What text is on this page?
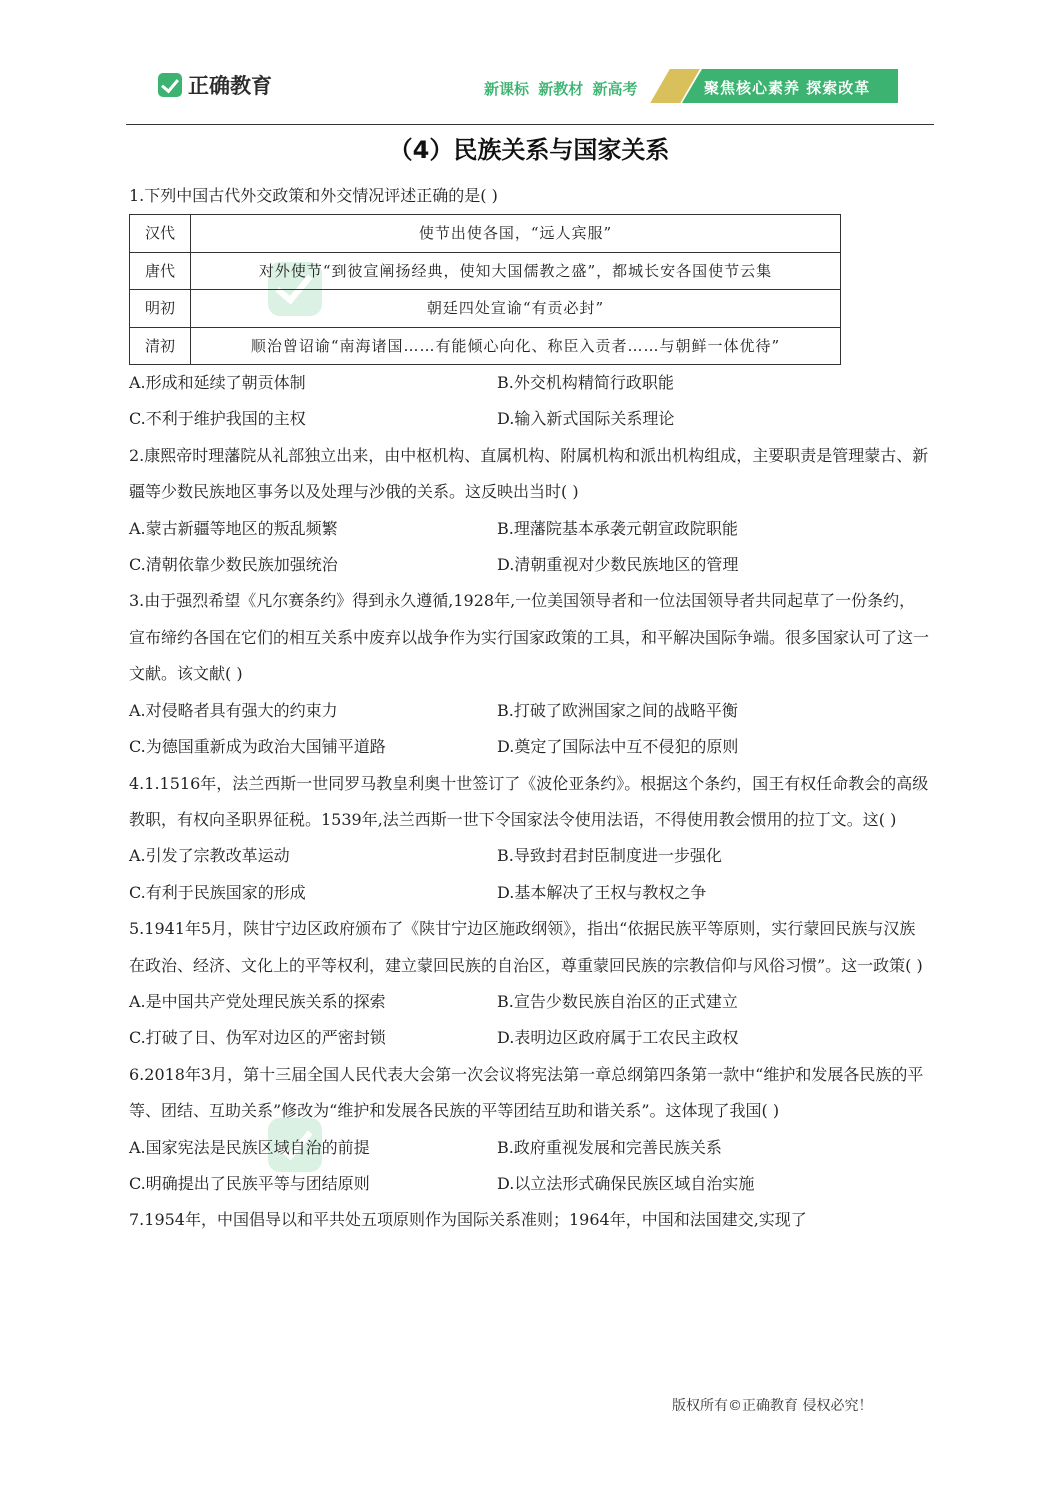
正确教育	新课标 新教材 新高考	聚焦核心素养 探索改革
（4）民族关系与国家关系

1.下列中国古代外交政策和外交情况评述正确的是( )

汉代	使节出使各国，“远人宾服”
唐代	对外使节“到彼宣阐扬经典，使知大国儒教之盛”，都城长安各国使节云集
明初	朝廷四处宣谕“有贡必封”
清初	顺治曾诏谕“南海诸国……有能倾心向化、称臣入贡者……与朝鲜一体优待”
A.形成和延续了朝贡体制	B.外交机构精简行政职能
C.不利于维护我国的主权	D.输入新式国际关系理论

2.康熙帝时理藩院从礼部独立出来，由中枢机构、直属机构、附属机构和派出机构组成，主要职责是管理蒙古、新疆等少数民族地区事务以及处理与沙俄的关系。这反映出当时( )

A.蒙古新疆等地区的叛乱频繁	B.理藩院基本承袭元朝宣政院职能
C.清朝依靠少数民族加强统治	D.清朝重视对少数民族地区的管理

3.由于强烈希望《凡尔赛条约》得到永久遵循,1928年,一位美国领导者和一位法国领导者共同起草了一份条约，宣布缔约各国在它们的相互关系中废弃以战争作为实行国家政策的工具，和平解决国际争端。很多国家认可了这一文献。该文献( )

A.对侵略者具有强大的约束力	B.打破了欧洲国家之间的战略平衡
C.为德国重新成为政治大国铺平道路	D.奠定了国际法中互不侵犯的原则

4.1.1516年，法兰西斯一世同罗马教皇利奥十世签订了《波伦亚条约》。根据这个条约，国王有权任命教会的高级教职，有权向圣职界征税。1539年,法兰西斯一世下令国家法令使用法语，不得使用教会惯用的拉丁文。这( )

A.引发了宗教改革运动	B.导致封君封臣制度进一步强化
C.有利于民族国家的形成	D.基本解决了王权与教权之争

5.1941年5月，陕甘宁边区政府颁布了《陕甘宁边区施政纲领》，指出“依据民族平等原则，实行蒙回民族与汉族在政治、经济、文化上的平等权利，建立蒙回民族的自治区，尊重蒙回民族的宗教信仰与风俗习惯”。这一政策( )

A.是中国共产党处理民族关系的探索	B.宣告少数民族自治区的正式建立
C.打破了日、伪军对边区的严密封锁	D.表明边区政府属于工农民主政权

6.2018年3月，第十三届全国人民代表大会第一次会议将宪法第一章总纲第四条第一款中“维护和发展各民族的平等、团结、互助关系”修改为“维护和发展各民族的平等团结互助和谐关系”。这体现了我国( )

A.国家宪法是民族区域自治的前提	B.政府重视发展和完善民族关系
C.明确提出了民族平等与团结原则	D.以立法形式确保民族区域自治实施

7.1954年，中国倡导以和平共处五项原则作为国际关系准则；1964年，中国和法国建交,实现了

版权所有©正确教育 侵权必究！
